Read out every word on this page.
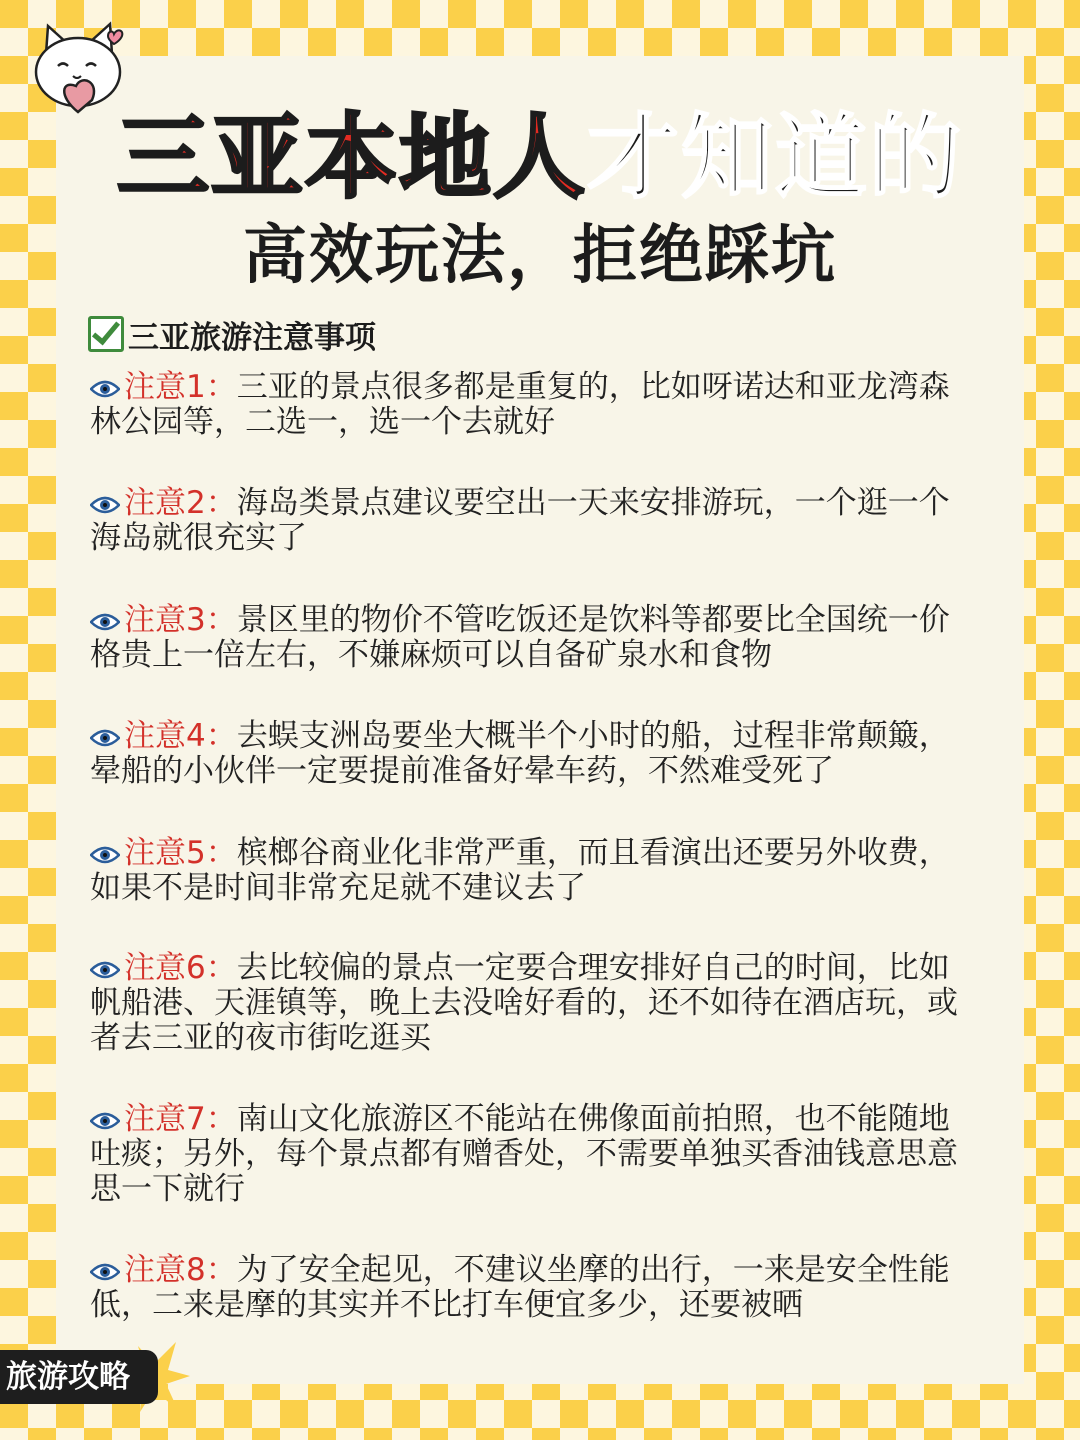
三亚本地人才知道的
高效玩法，拒绝踩坑
三亚旅游注意事项
注意1：三亚的景点很多都是重复的，比如呀诺达和亚龙湾森林公园等，二选一，选一个去就好
注意2：海岛类景点建议要空出一天来安排游玩，一个逛一个海岛就很充实了
注意3：景区里的物价不管吃饭还是饮料等都要比全国统一价格贵上一倍左右，不嫌麻烦可以自备矿泉水和食物
注意4：去蜈支洲岛要坐大概半个小时的船，过程非常颠簸，晕船的小伙伴一定要提前准备好晕车药，不然难受死了
注意5：槟榔谷商业化非常严重，而且看演出还要另外收费，如果不是时间非常充足就不建议去了
注意6：去比较偏的景点一定要合理安排好自己的时间，比如帆船港、天涯镇等，晚上去没啥好看的，还不如待在酒店玩，或者去三亚的夜市街吃逛买
注意7：南山文化旅游区不能站在佛像面前拍照，也不能随地吐痰；另外，每个景点都有赠香处，不需要单独买香油钱意思意思一下就行
注意8：为了安全起见，不建议坐摩的出行，一来是安全性能低，二来是摩的其实并不比打车便宜多少，还要被晒
旅游攻略
